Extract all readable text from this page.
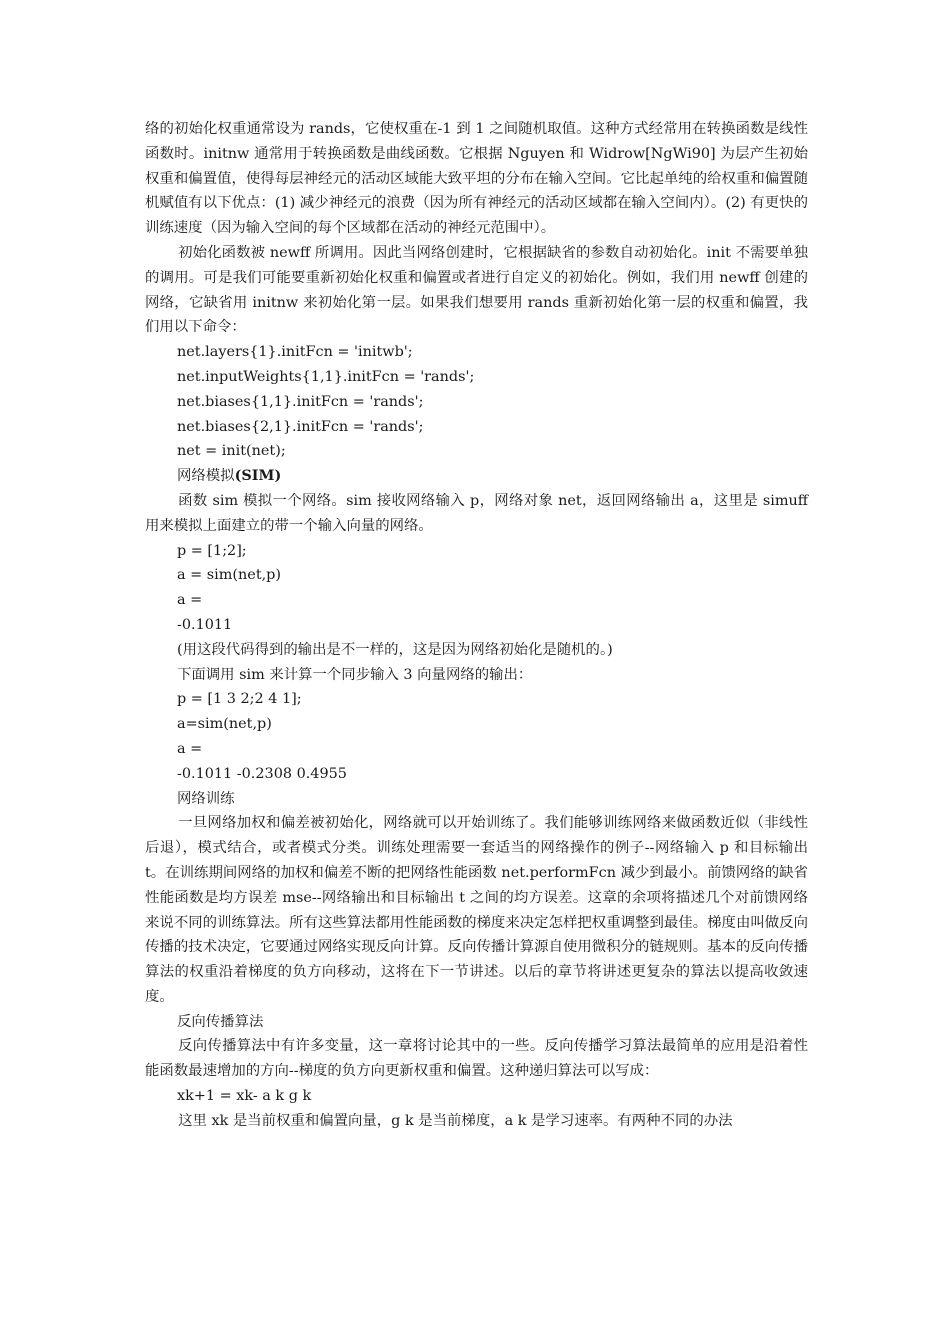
络的初始化权重通常设为 rands，它使权重在-1 到 1 之间随机取值。这种方式经常用在转换函数是线性函数时。initnw 通常用于转换函数是曲线函数。它根据 Nguyen 和 Widrow[NgWi90] 为层产生初始权重和偏置值，使得每层神经元的活动区域能大致平坦的分布在输入空间。它比起单纯的给权重和偏置随机赋值有以下优点：(1) 减少神经元的浪费（因为所有神经元的活动区域都在输入空间内）。(2) 有更快的训练速度（因为输入空间的每个区域都在活动的神经元范围中）。

初始化函数被 newff 所调用。因此当网络创建时，它根据缺省的参数自动初始化。init 不需要单独的调用。可是我们可能要重新初始化权重和偏置或者进行自定义的初始化。例如，我们用 newff 创建的网络，它缺省用 initnw 来初始化第一层。如果我们想要用 rands 重新初始化第一层的权重和偏置，我们用以下命令：

net.layers{1}.initFcn = 'initwb';

net.inputWeights{1,1}.initFcn = 'rands';

net.biases{1,1}.initFcn = 'rands';

net.biases{2,1}.initFcn = 'rands';

net = init(net);

网络模拟(SIM)

函数 sim 模拟一个网络。sim 接收网络输入 p，网络对象 net，返回网络输出 a，这里是 simuff 用来模拟上面建立的带一个输入向量的网络。

p = [1;2];

a = sim(net,p)

a =

-0.1011

(用这段代码得到的输出是不一样的，这是因为网络初始化是随机的。)

下面调用 sim 来计算一个同步输入 3 向量网络的输出：

p = [1 3 2;2 4 1];

a=sim(net,p)

a =

-0.1011 -0.2308 0.4955

网络训练

一旦网络加权和偏差被初始化，网络就可以开始训练了。我们能够训练网络来做函数近似（非线性 后退），模式结合，或者模式分类。训练处理需要一套适当的网络操作的例子--网络输入 p 和目标输出 t。在训练期间网络的加权和偏差不断的把网络性能函数 net.performFcn 减少到最小。前馈网络的缺省性能函数是均方误差 mse--网络输出和目标输出 t 之间的均方误差。这章的余项将描述几个对前馈网络来说不同的训练算法。所有这些算法都用性能函数的梯度来决定怎样把权重调整到最佳。梯度由叫做反向传播的技术决定，它要通过网络实现反向计算。反向传播计算源自使用微积分的链规则。基本的反向传播算法的权重沿着梯度的负方向移动，这将在下一节讲述。以后的章节将讲述更复杂的算法以提高收敛速度。

反向传播算法

反向传播算法中有许多变量，这一章将讨论其中的一些。反向传播学习算法最简单的应用是沿着性能函数最速增加的方向--梯度的负方向更新权重和偏置。这种递归算法可以写成：

xk+1 = xk- a k g k

这里 xk 是当前权重和偏置向量，g k 是当前梯度，a k 是学习速率。有两种不同的办法
